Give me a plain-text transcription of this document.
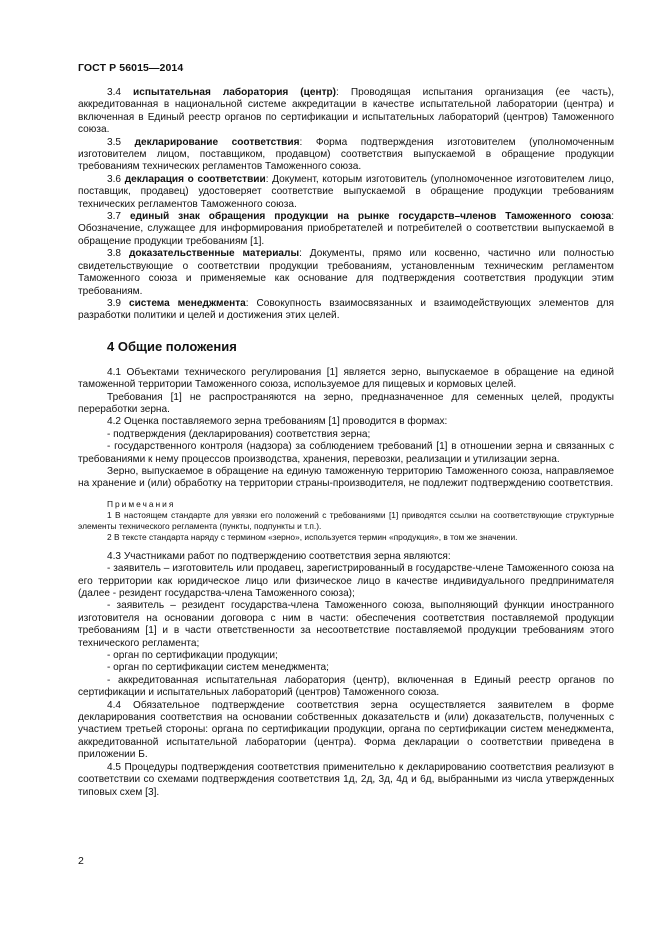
ГОСТ Р 56015—2014

3.4 испытательная лаборатория (центр): Проводящая испытания организация (ее часть), аккредитованная в национальной системе аккредитации в качестве испытательной лаборатории (центра) и включенная в Единый реестр органов по сертификации и испытательных лабораторий (центров) Таможенного союза.

3.5 декларирование соответствия: Форма подтверждения изготовителем (уполномоченным изготовителем лицом, поставщиком, продавцом) соответствия выпускаемой в обращение продукции требованиям технических регламентов Таможенного союза.

3.6 декларация о соответствии: Документ, которым изготовитель (уполномоченное изготовителем лицо, поставщик, продавец) удостоверяет соответствие выпускаемой в обращение продукции требованиям технических регламентов Таможенного союза.

3.7 единый знак обращения продукции на рынке государств–членов Таможенного союза: Обозначение, служащее для информирования приобретателей и потребителей о соответствии выпускаемой в обращение продукции требованиям [1].

3.8 доказательственные материалы: Документы, прямо или косвенно, частично или полностью свидетельствующие о соответствии продукции требованиям, установленным техническим регламентом Таможенного союза и применяемые как основание для подтверждения соответствия продукции этим требованиям.

3.9 система менеджмента: Совокупность взаимосвязанных и взаимодействующих элементов для разработки политики и целей и достижения этих целей.

4 Общие положения

4.1 Объектами технического регулирования [1] является зерно, выпускаемое в обращение на единой таможенной территории Таможенного союза, используемое для пищевых и кормовых целей.

Требования [1] не распространяются на зерно, предназначенное для семенных целей, продукты переработки зерна.

4.2 Оценка поставляемого зерна требованиям [1] проводится в формах:

- подтверждения (декларирования) соответствия зерна;

- государственного контроля (надзора) за соблюдением требований [1] в отношении зерна и связанных с требованиями к нему процессов производства, хранения, перевозки, реализации и утилизации зерна.

Зерно, выпускаемое в обращение на единую таможенную территорию Таможенного союза, направляемое на хранение и (или) обработку на территории страны-производителя, не подлежит подтверждению соответствия.

Примечания

1 В настоящем стандарте для увязки его положений с требованиями [1] приводятся ссылки на соответствующие структурные элементы технического регламента (пункты, подпункты и т.п.).

2 В тексте стандарта наряду с термином «зерно», используется термин «продукция», в том же значении.

4.3 Участниками работ по подтверждению соответствия зерна являются:

- заявитель – изготовитель или продавец, зарегистрированный в государстве-члене Таможенного союза на его территории как юридическое лицо или физическое лицо в качестве индивидуального предпринимателя (далее - резидент государства-члена Таможенного союза);

- заявитель – резидент государства-члена Таможенного союза, выполняющий функции иностранного изготовителя на основании договора с ним в части: обеспечения соответствия поставляемой продукции требованиям [1] и в части ответственности за несоответствие поставляемой продукции требованиям этого технического регламента;

- орган по сертификации продукции;

- орган по сертификации систем менеджмента;

- аккредитованная испытательная лаборатория (центр), включенная в Единый реестр органов по сертификации и испытательных лабораторий (центров) Таможенного союза.

4.4 Обязательное подтверждение соответствия зерна осуществляется заявителем в форме декларирования соответствия на основании собственных доказательств и (или) доказательств, полученных с участием третьей стороны: органа по сертификации продукции, органа по сертификации систем менеджмента, аккредитованной испытательной лаборатории (центра). Форма декларации о соответствии приведена в приложении Б.

4.5 Процедуры подтверждения соответствия применительно к декларированию соответствия реализуют в соответствии со схемами подтверждения соответствия 1д, 2д, 3д, 4д и 6д, выбранными из числа утвержденных типовых схем [3].

2
